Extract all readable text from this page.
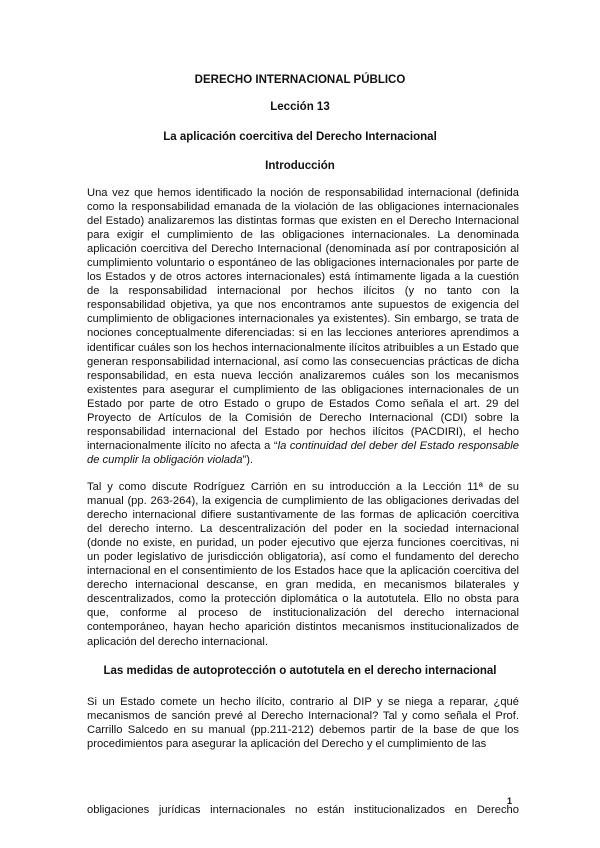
DERECHO INTERNACIONAL PÚBLICO
Lección 13
La aplicación coercitiva del Derecho Internacional
Introducción

Una vez que hemos identificado la noción de responsabilidad internacional (definida como la responsabilidad emanada de la violación de las obligaciones internacionales del Estado) analizaremos las distintas formas que existen en el Derecho Internacional para exigir el cumplimiento de las obligaciones internacionales. La denominada aplicación coercitiva del Derecho Internacional (denominada así por contraposición al cumplimiento voluntario o espontáneo de las obligaciones internacionales por parte de los Estados y de otros actores internacionales) está íntimamente ligada a la cuestión de la responsabilidad internacional por hechos ilícitos (y no tanto con la responsabilidad objetiva, ya que nos encontramos ante supuestos de exigencia del cumplimiento de obligaciones internacionales ya existentes). Sin embargo, se trata de nociones conceptualmente diferenciadas: si en las lecciones anteriores aprendimos a identificar cuáles son los hechos internacionalmente ilícitos atribuibles a un Estado que generan responsabilidad internacional, así como las consecuencias prácticas de dicha responsabilidad, en esta nueva lección analizaremos cuáles son los mecanismos existentes para asegurar el cumplimiento de las obligaciones internacionales de un Estado por parte de otro Estado o grupo de Estados Como señala el art. 29 del Proyecto de Artículos de la Comisión de Derecho Internacional (CDI) sobre la responsabilidad internacional del Estado por hechos ilícitos (PACDIRI), el hecho internacionalmente ilícito no afecta a “la continuidad del deber del Estado responsable de cumplir la obligación violada”).

Tal y como discute Rodríguez Carrión en su introducción a la Lección 11ª de su manual (pp. 263-264), la exigencia de cumplimiento de las obligaciones derivadas del derecho internacional difiere sustantivamente de las formas de aplicación coercitiva del derecho interno. La descentralización del poder en la sociedad internacional (donde no existe, en puridad, un poder ejecutivo que ejerza funciones coercitivas, ni un poder legislativo de jurisdicción obligatoria), así como el fundamento del derecho internacional en el consentimiento de los Estados hace que la aplicación coercitiva del derecho internacional descanse, en gran medida, en mecanismos bilaterales y descentralizados, como la protección diplomática o la autotutela. Ello no obsta para que, conforme al proceso de institucionalización del derecho internacional contemporáneo, hayan hecho aparición distintos mecanismos institucionalizados de aplicación del derecho internacional.

Las medidas de autoprotección o autotutela en el derecho internacional

Si un Estado comete un hecho ilícito, contrario al DIP y se niega a reparar, ¿qué mecanismos de sanción prevé al Derecho Internacional? Tal y como señala el Prof. Carrillo Salcedo en su manual (pp.211-212) debemos partir de la base de que los procedimientos para asegurar la aplicación del Derecho y el cumplimiento de las

1

obligaciones jurídicas internacionales no están institucionalizados en Derecho
